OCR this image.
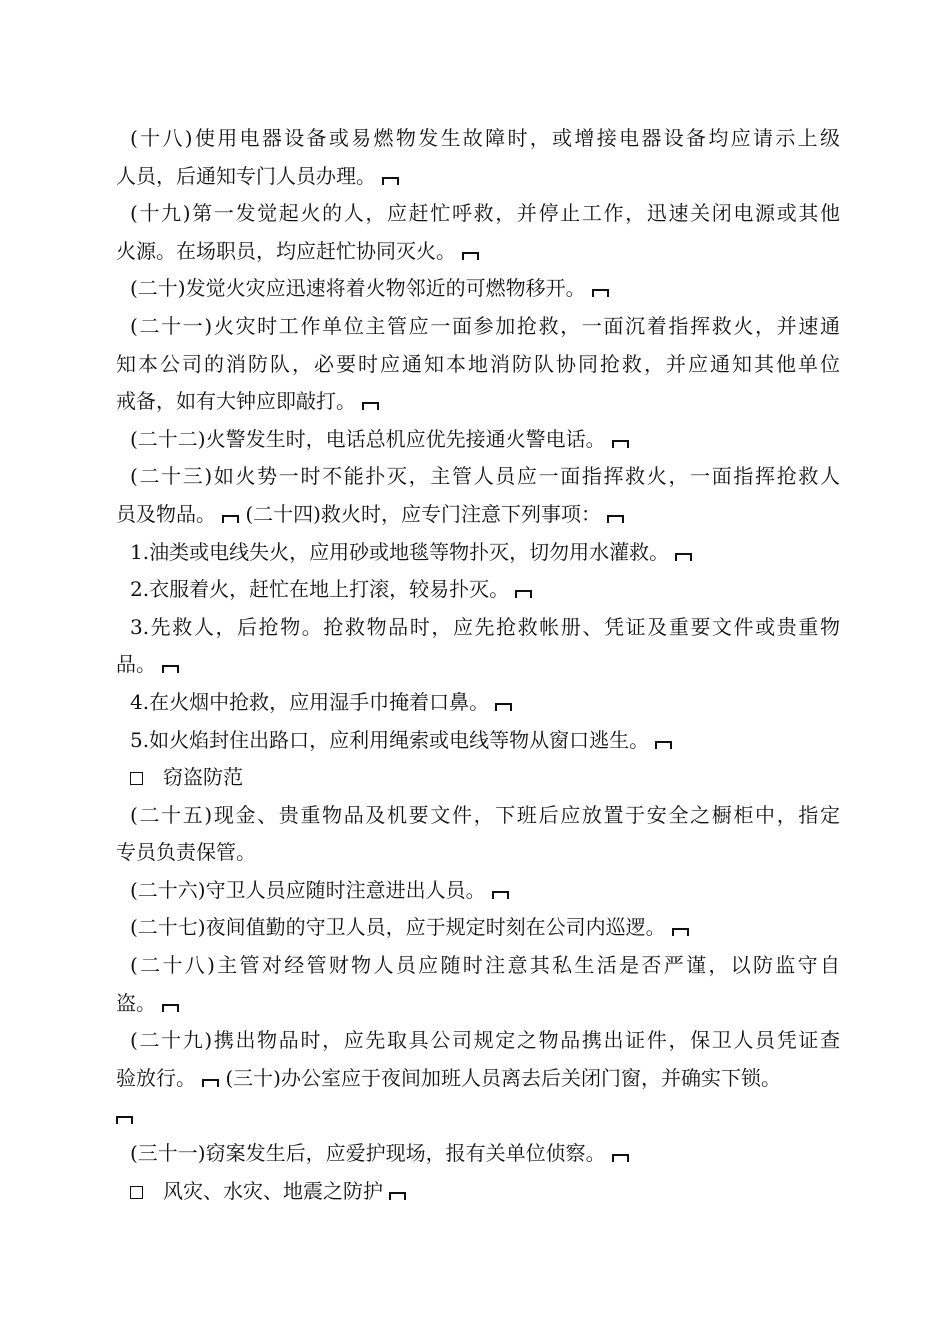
(十八)使用电器设备或易燃物发生故障时，或增接电器设备均应请示上级
人员，后通知专门人员办理。
(十九)第一发觉起火的人，应赶忙呼救，并停止工作，迅速关闭电源或其他
火源。在场职员，均应赶忙协同灭火。
(二十)发觉火灾应迅速将着火物邻近的可燃物移开。
(二十一)火灾时工作单位主管应一面参加抢救，一面沉着指挥救火，并速通
知本公司的消防队，必要时应通知本地消防队协同抢救，并应通知其他单位
戒备，如有大钟应即敲打。
(二十二)火警发生时，电话总机应优先接通火警电话。
(二十三)如火势一时不能扑灭，主管人员应一面指挥救火，一面指挥抢救人
员及物品。 (二十四)救火时，应专门注意下列事项：
1.油类或电线失火，应用砂或地毯等物扑灭，切勿用水灌救。
2.衣服着火，赶忙在地上打滚，较易扑灭。
3.先救人，后抢物。抢救物品时，应先抢救帐册、凭证及重要文件或贵重物
品。
4.在火烟中抢救，应用湿手巾掩着口鼻。
5.如火焰封住出路口，应利用绳索或电线等物从窗口逃生。
窃盗防范
(二十五)现金、贵重物品及机要文件，下班后应放置于安全之橱柜中，指定
专员负责保管。
(二十六)守卫人员应随时注意进出人员。
(二十七)夜间值勤的守卫人员，应于规定时刻在公司内巡逻。
(二十八)主管对经管财物人员应随时注意其私生活是否严谨，以防监守自
盗。
(二十九)携出物品时，应先取具公司规定之物品携出证件，保卫人员凭证查
验放行。 (三十)办公室应于夜间加班人员离去后关闭门窗，并确实下锁。
(三十一)窃案发生后，应爱护现场，报有关单位侦察。
风灾、水灾、地震之防护
